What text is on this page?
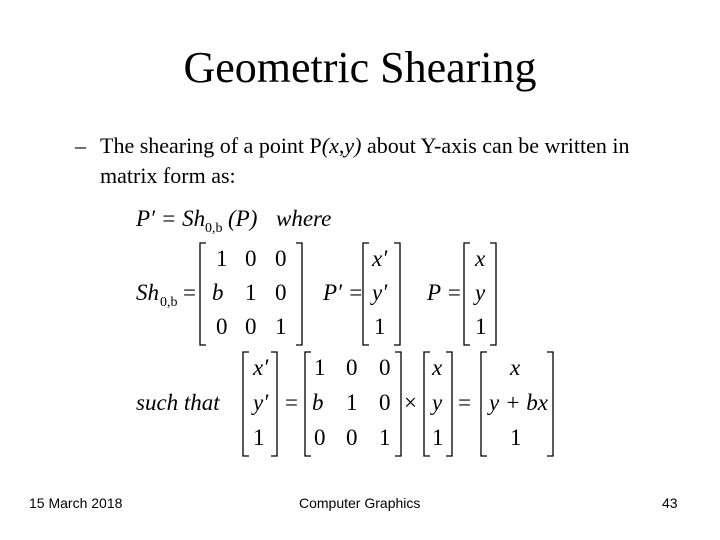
Geometric Shearing
– The shearing of a point P(x,y) about Y-axis can be written in matrix form as:
P′ = Sh 0,b (P) where
Sh 0,b =	P′ =	P =
1 0 0
b 1 0
0 0 1
x′
y′
1
x
y
1
such that
x′
y′
1
=
1 0 0
b 1 0
0 0 1
×
x
y
1
=
x
y + bx
1
15 March 2018	Computer Graphics	43
